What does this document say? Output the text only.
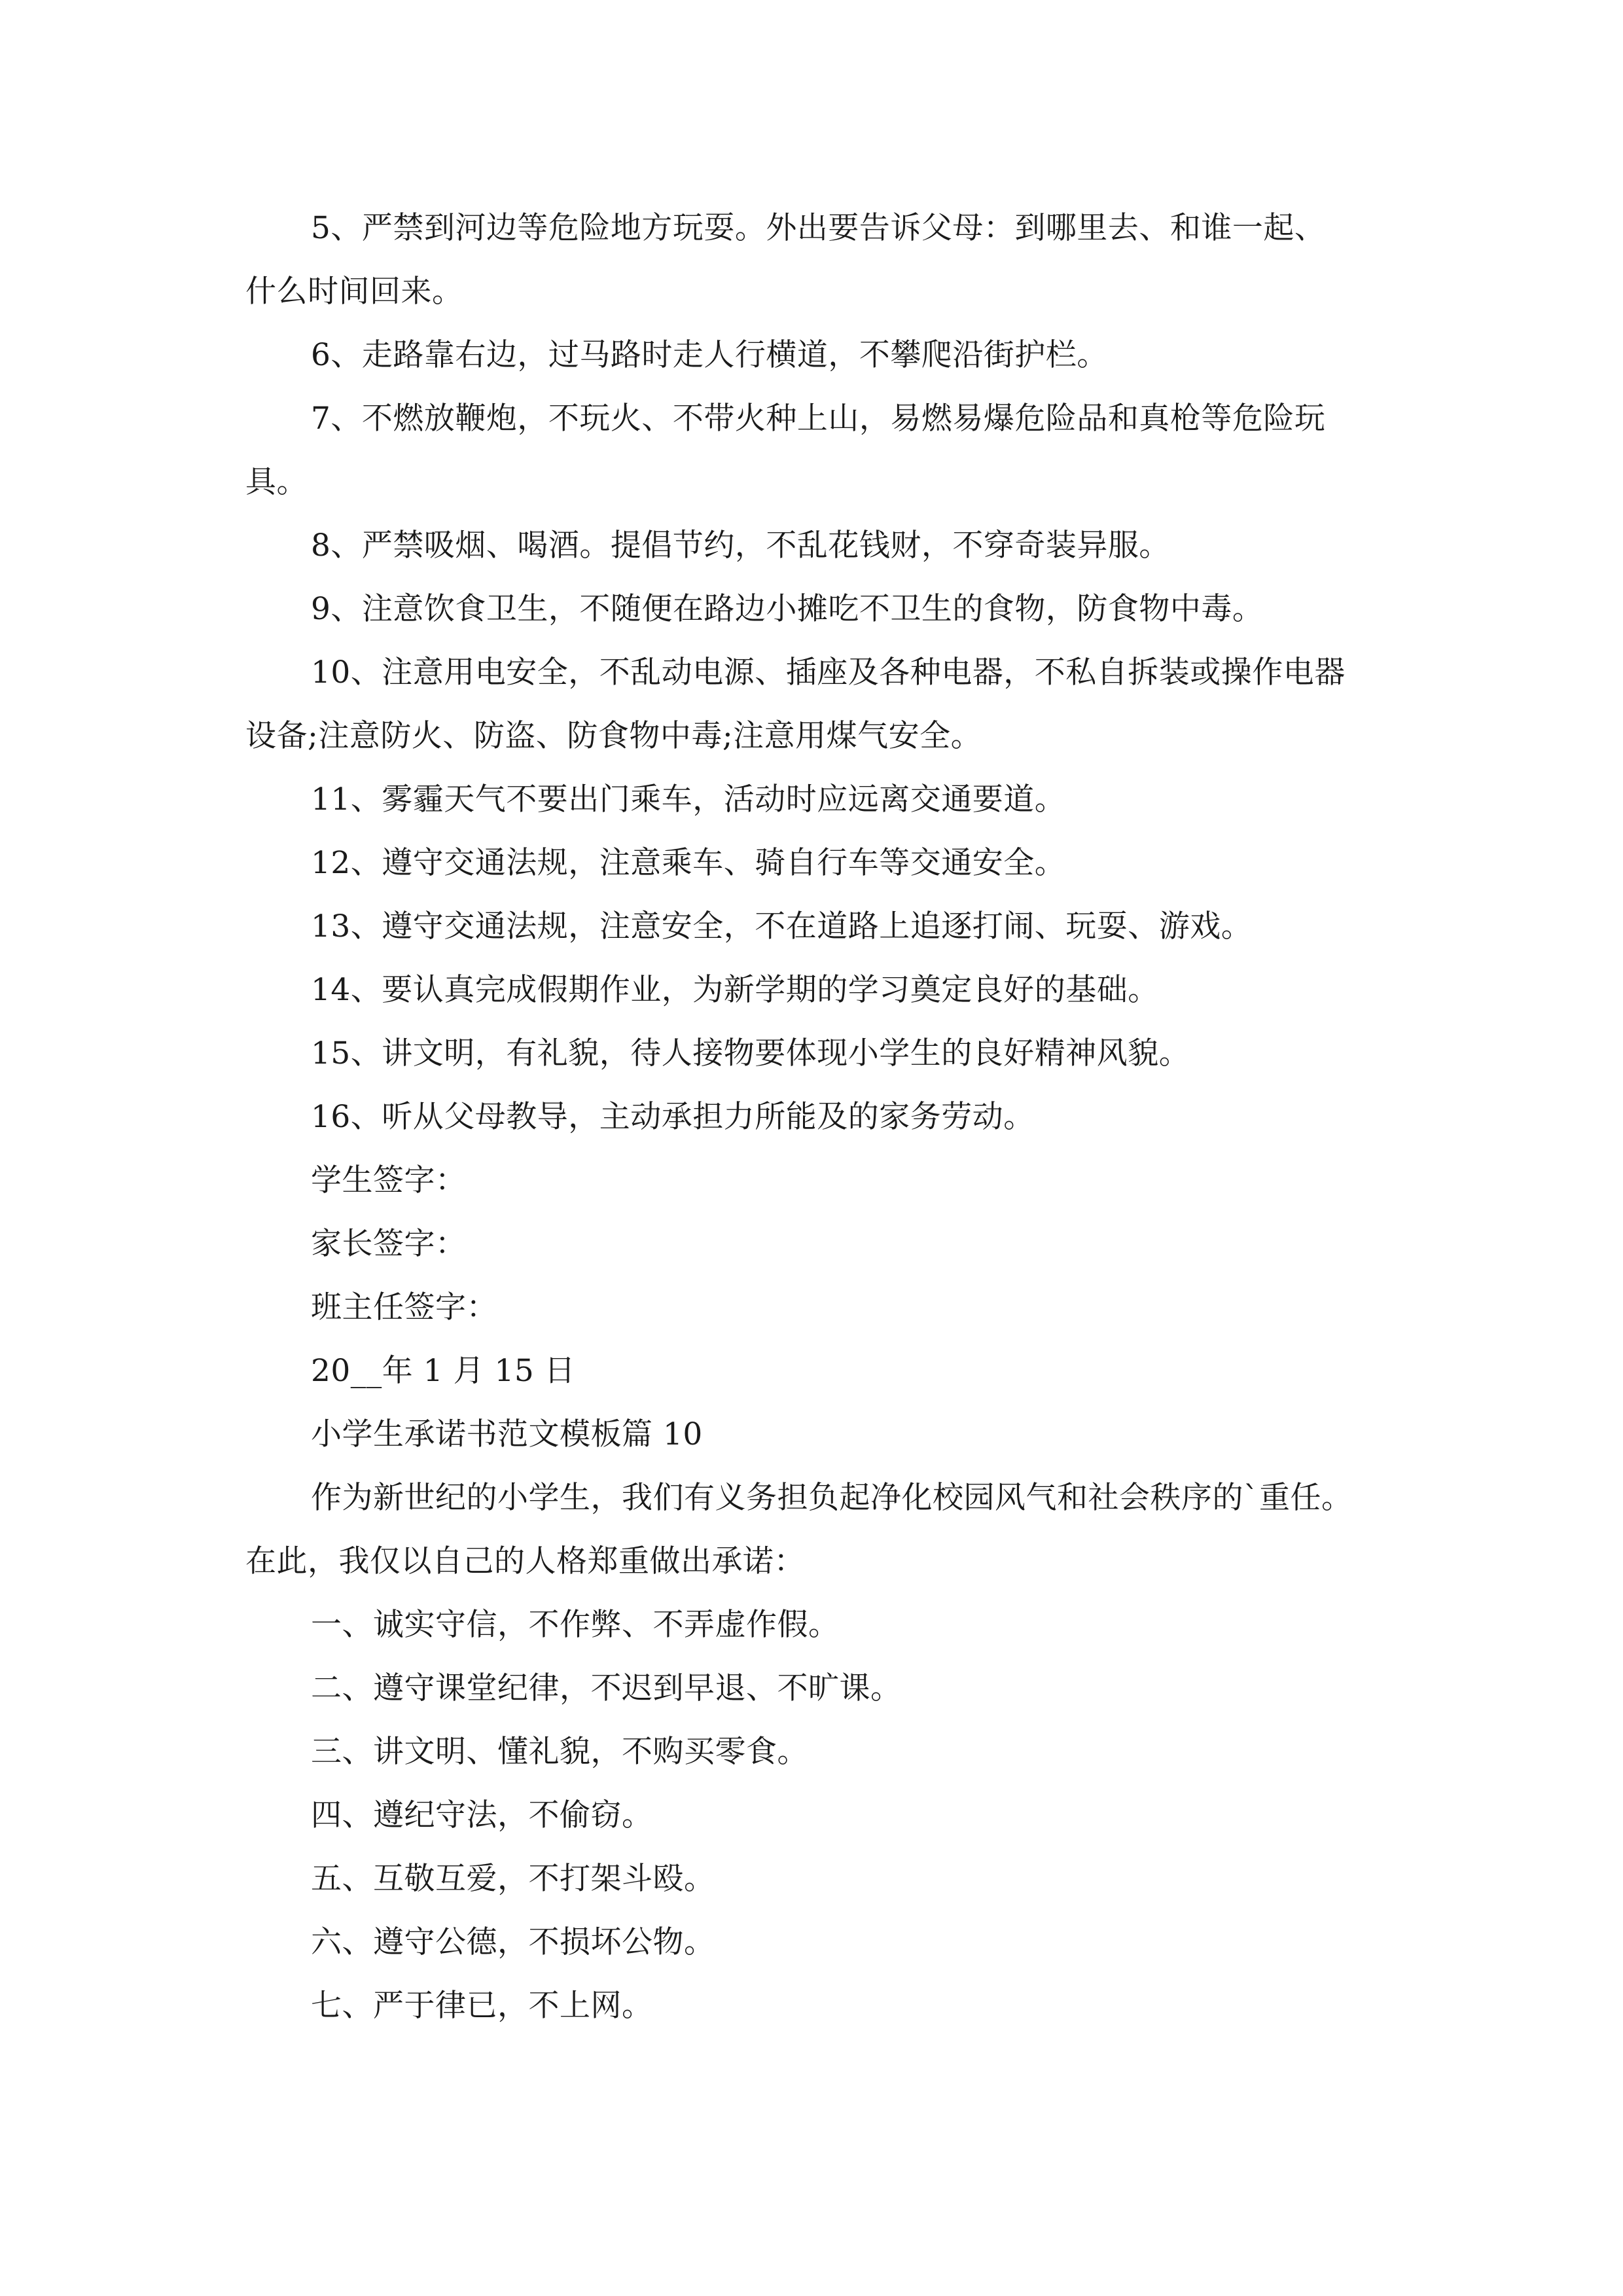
5、严禁到河边等危险地方玩耍。外出要告诉父母：到哪里去、和谁一起、
什么时间回来。
6、走路靠右边，过马路时走人行横道，不攀爬沿街护栏。
7、不燃放鞭炮，不玩火、不带火种上山，易燃易爆危险品和真枪等危险玩
具。
8、严禁吸烟、喝酒。提倡节约，不乱花钱财，不穿奇装异服。
9、注意饮食卫生，不随便在路边小摊吃不卫生的食物，防食物中毒。
10、注意用电安全，不乱动电源、插座及各种电器，不私自拆装或操作电器
设备;注意防火、防盗、防食物中毒;注意用煤气安全。
11、雾霾天气不要出门乘车，活动时应远离交通要道。
12、遵守交通法规，注意乘车、骑自行车等交通安全。
13、遵守交通法规，注意安全，不在道路上追逐打闹、玩耍、游戏。
14、要认真完成假期作业，为新学期的学习奠定良好的基础。
15、讲文明，有礼貌，待人接物要体现小学生的良好精神风貌。
16、听从父母教导，主动承担力所能及的家务劳动。
学生签字：
家长签字：
班主任签字：
20__年 1 月 15 日
小学生承诺书范文模板篇 10
作为新世纪的小学生，我们有义务担负起净化校园风气和社会秩序的`重任。
在此，我仅以自己的人格郑重做出承诺：
一、诚实守信，不作弊、不弄虚作假。
二、遵守课堂纪律，不迟到早退、不旷课。
三、讲文明、懂礼貌，不购买零食。
四、遵纪守法，不偷窃。
五、互敬互爱，不打架斗殴。
六、遵守公德，不损坏公物。
七、严于律已，不上网。
